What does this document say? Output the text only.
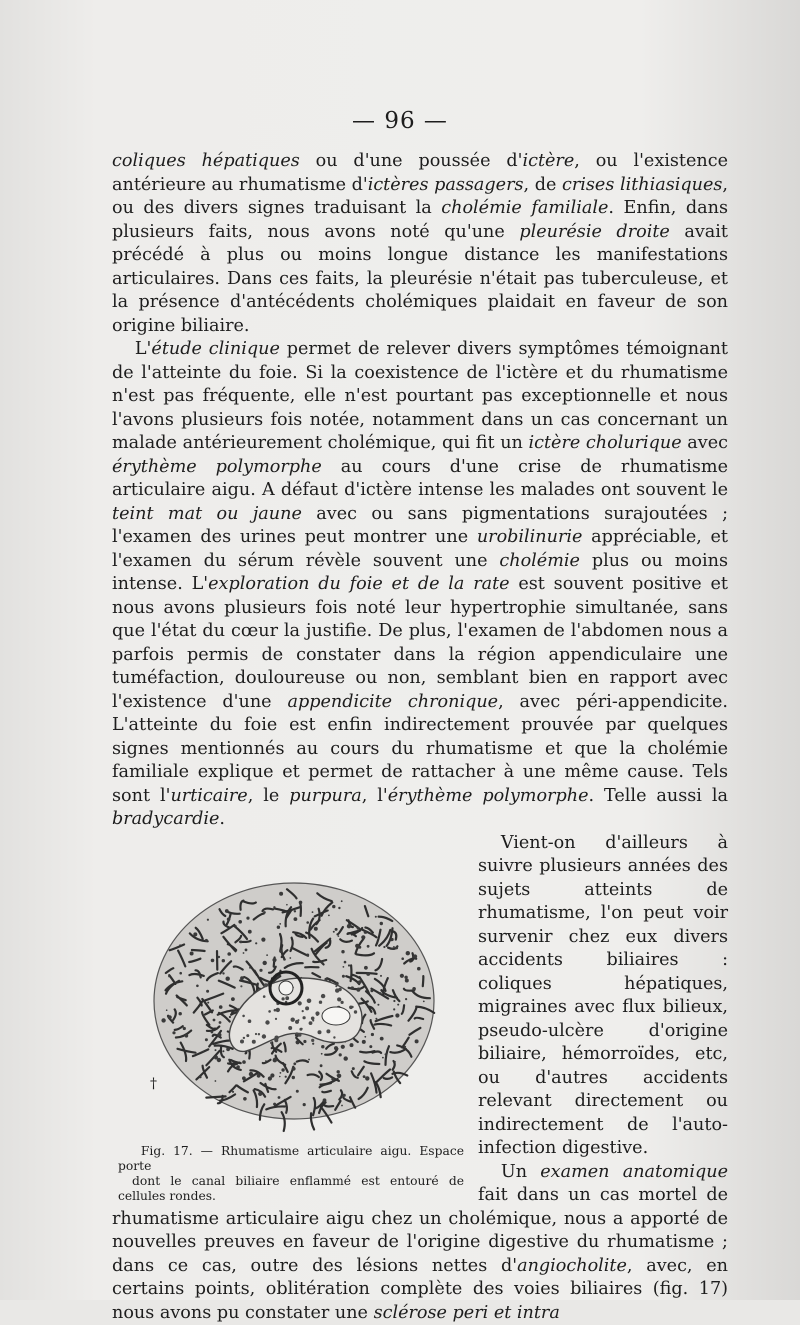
— 96 —

coliques hépatiques ou d'une poussée d'ictère, ou l'existence antérieure au rhumatisme d'ictères passagers, de crises lithiasiques, ou des divers signes traduisant la cholémie familiale. Enfin, dans plusieurs faits, nous avons noté qu'une pleurésie droite avait précédé à plus ou moins longue distance les manifestations articulaires. Dans ces faits, la pleurésie n'était pas tuberculeuse, et la présence d'antécédents cholémiques plaidait en faveur de son origine biliaire.

L'étude clinique permet de relever divers symptômes témoignant de l'atteinte du foie. Si la coexistence de l'ictère et du rhumatisme n'est pas fréquente, elle n'est pourtant pas exceptionnelle et nous l'avons plusieurs fois notée, notamment dans un cas concernant un malade antérieurement cholémique, qui fit un ictère cholurique avec érythème polymorphe au cours d'une crise de rhumatisme articulaire aigu. A défaut d'ictère intense les malades ont souvent le teint mat ou jaune avec ou sans pigmentations surajoutées ; l'examen des urines peut montrer une urobilinurie appréciable, et l'examen du sérum révèle souvent une cholémie plus ou moins intense. L'exploration du foie et de la rate est souvent positive et nous avons plusieurs fois noté leur hypertrophie simultanée, sans que l'état du cœur la justifie. De plus, l'examen de l'abdomen nous a parfois permis de constater dans la région appendiculaire une tuméfaction, douloureuse ou non, semblant bien en rapport avec l'existence d'une appendicite chronique, avec péri-appendicite. L'atteinte du foie est enfin indirectement prouvée par quelques signes mentionnés au cours du rhumatisme et que la cholémie familiale explique et permet de rattacher à une même cause. Tels sont l'urticaire, le purpura, l'érythème polymorphe. Telle aussi la bradycardie.

†
Fig. 17. — Rhumatisme articulaire aigu. Espace porte
dont le canal biliaire enflammé est entouré de cellules rondes.
Vient-on d'ailleurs à suivre plusieurs années des sujets atteints de rhumatisme, l'on peut voir survenir chez eux divers accidents biliaires : coliques hépatiques, migraines avec flux bilieux, pseudo-ulcère d'origine biliaire, hémorroïdes, etc, ou d'autres accidents relevant directement ou indirectement de l'auto-infection digestive.

Un examen anatomique fait dans un cas mortel de rhumatisme articulaire aigu chez un cholémique, nous a apporté de nouvelles preuves en faveur de l'origine digestive du rhumatisme ; dans ce cas, outre des lésions nettes d'angiocholite, avec, en certains points, oblitération complète des voies biliaires (fig. 17) nous avons pu constater une sclérose peri et intra
